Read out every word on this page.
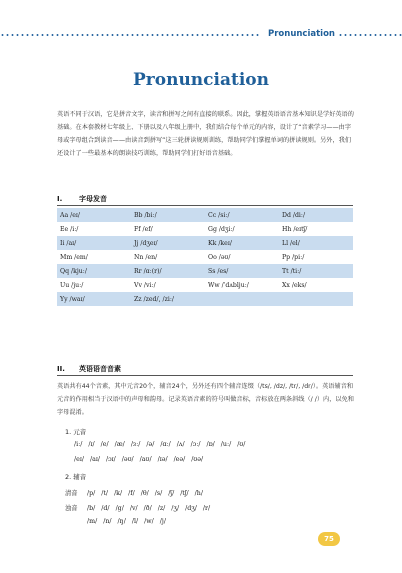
Pronunciation
Pronunciation
英语不同于汉语，它是拼音文字，读音和拼写之间有直接的联系。因此，掌握英语语音基本知识是学好英语的基础。在本套教材七年级上、下册以及八年级上册中，我们结合每个单元的内容，设计了“音素学习——由字母或字母组合到读音——由读音到拼写”这三轮拼读规则训练，帮助同学们掌握单词的拼读规则。另外，我们还设计了一些最基本的朗读技巧训练，帮助同学们打好语音基础。
I. 字母发音
Aa /eɪ/	Bb /biː/	Cc /siː/	Dd /diː/
Ee /iː/	Ff /ef/	Gg /dʒiː/	Hh /eɪtʃ/
Ii /aɪ/	Jj /dʒeɪ/	Kk /keɪ/	Ll /el/
Mm /em/	Nn /en/	Oo /əʊ/	Pp /piː/
Qq /kjuː/	Rr /ɑː(r)/	Ss /es/	Tt /tiː/
Uu /juː/	Vv /viː/	Ww /ˈdʌbljuː/	Xx /eks/
Yy /waɪ/	Zz /zed/, /ziː/		
II. 英语语音音素
英语共有44个音素，其中元音20个，辅音24个，另外还有四个辅音连缀（/ts/, /dz/, /tr/, /dr/）。英语辅音和元音的作用相当于汉语中的声母和韵母。记录英语音素的符号叫做音标，音标放在两条斜线（/ /）内，以免和字母混淆。
1. 元音
/iː/ /ɪ/ /e/ /æ/ /ɜː/ /ə/ /ɑː/ /ʌ/ /ɔː/ /ɒ/ /uː/ /ʊ/
/eɪ/ /aɪ/ /ɔɪ/ /əʊ/ /aʊ/ /ɪə/ /eə/ /ʊə/
2. 辅音
清音 /p/ /t/ /k/ /f/ /θ/ /s/ /ʃ/ /tʃ/ /h/
浊音 /b/ /d/ /g/ /v/ /ð/ /z/ /ʒ/ /dʒ/ /r/
/m/ /n/ /ŋ/ /l/ /w/ /j/
75
